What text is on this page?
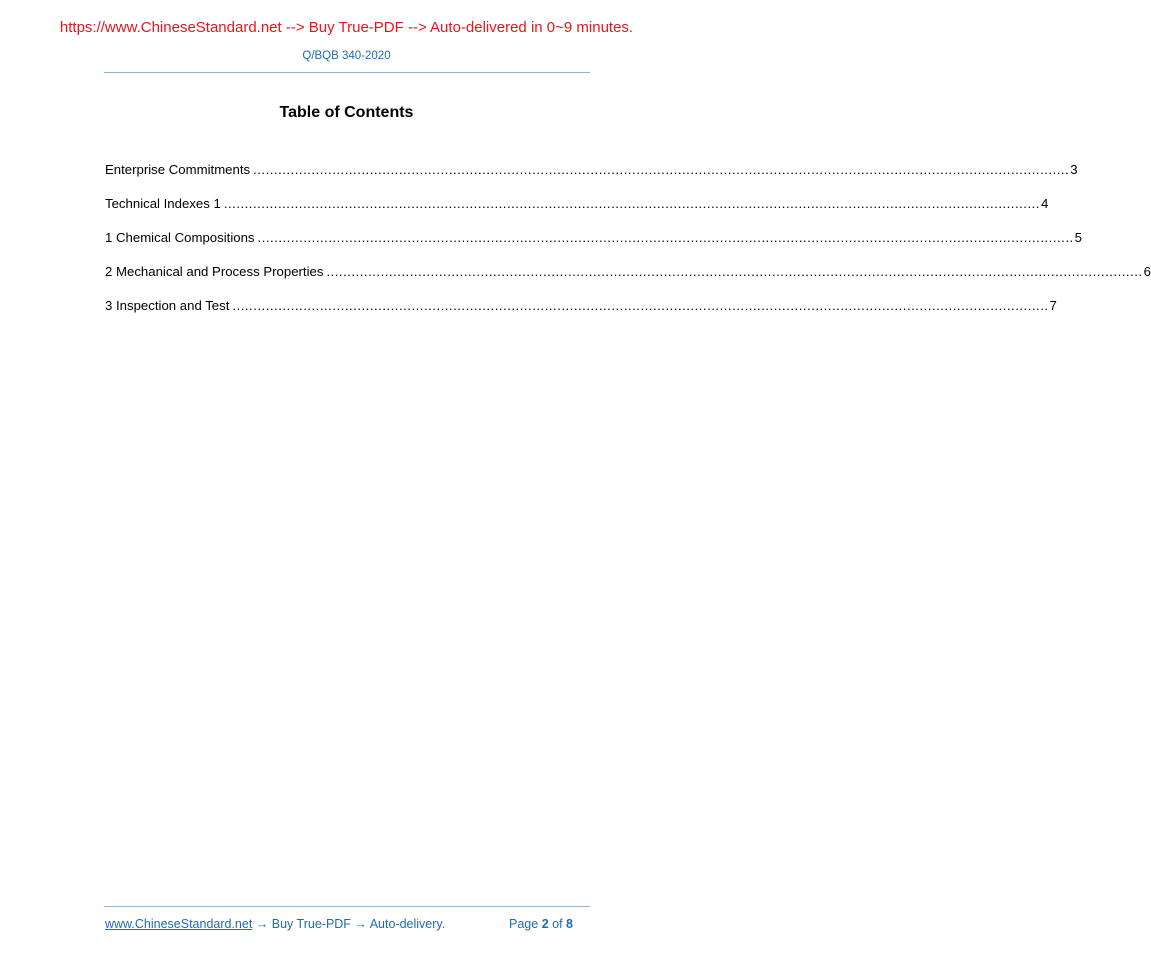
https://www.ChineseStandard.net --> Buy True-PDF --> Auto-delivered in 0~9 minutes.
Q/BQB 340-2020
Table of Contents
Enterprise Commitments .................................................................................................................................................................................................... 3
Technical Indexes 1 .................................................................................................................................................................................................... 4
1 Chemical Compositions .................................................................................................................................................................................................... 5
2 Mechanical and Process Properties .................................................................................................................................................................................................... 6
3 Inspection and Test .................................................................................................................................................................................................... 7
www.ChineseStandard.net → Buy True-PDF → Auto-delivery.	Page 2 of 8
